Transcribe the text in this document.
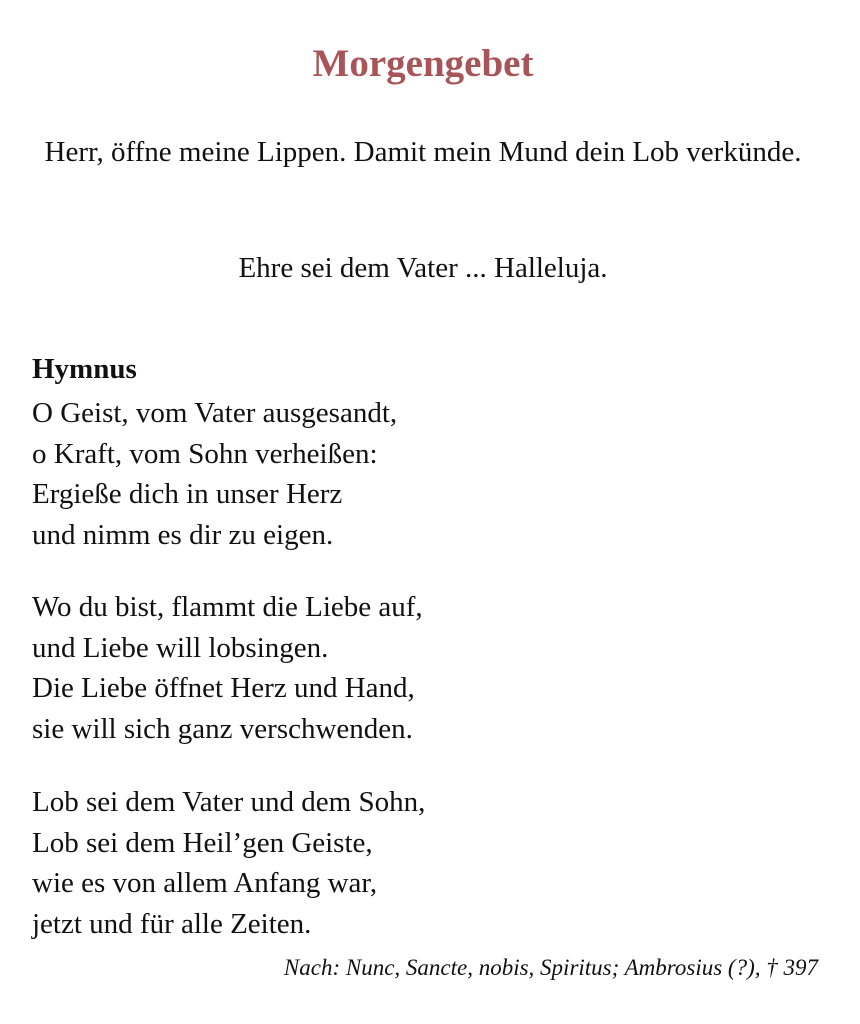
Morgengebet
Herr, öffne meine Lippen. Damit mein Mund dein Lob verkünde.
Ehre sei dem Vater ... Halleluja.
Hymnus
O Geist, vom Vater ausgesandt,
o Kraft, vom Sohn verheißen:
Ergieße dich in unser Herz
und nimm es dir zu eigen.
Wo du bist, flammt die Liebe auf,
und Liebe will lobsingen.
Die Liebe öffnet Herz und Hand,
sie will sich ganz verschwenden.
Lob sei dem Vater und dem Sohn,
Lob sei dem Heil’gen Geiste,
wie es von allem Anfang war,
jetzt und für alle Zeiten.
Nach: Nunc, Sancte, nobis, Spiritus; Ambrosius (?), † 397
